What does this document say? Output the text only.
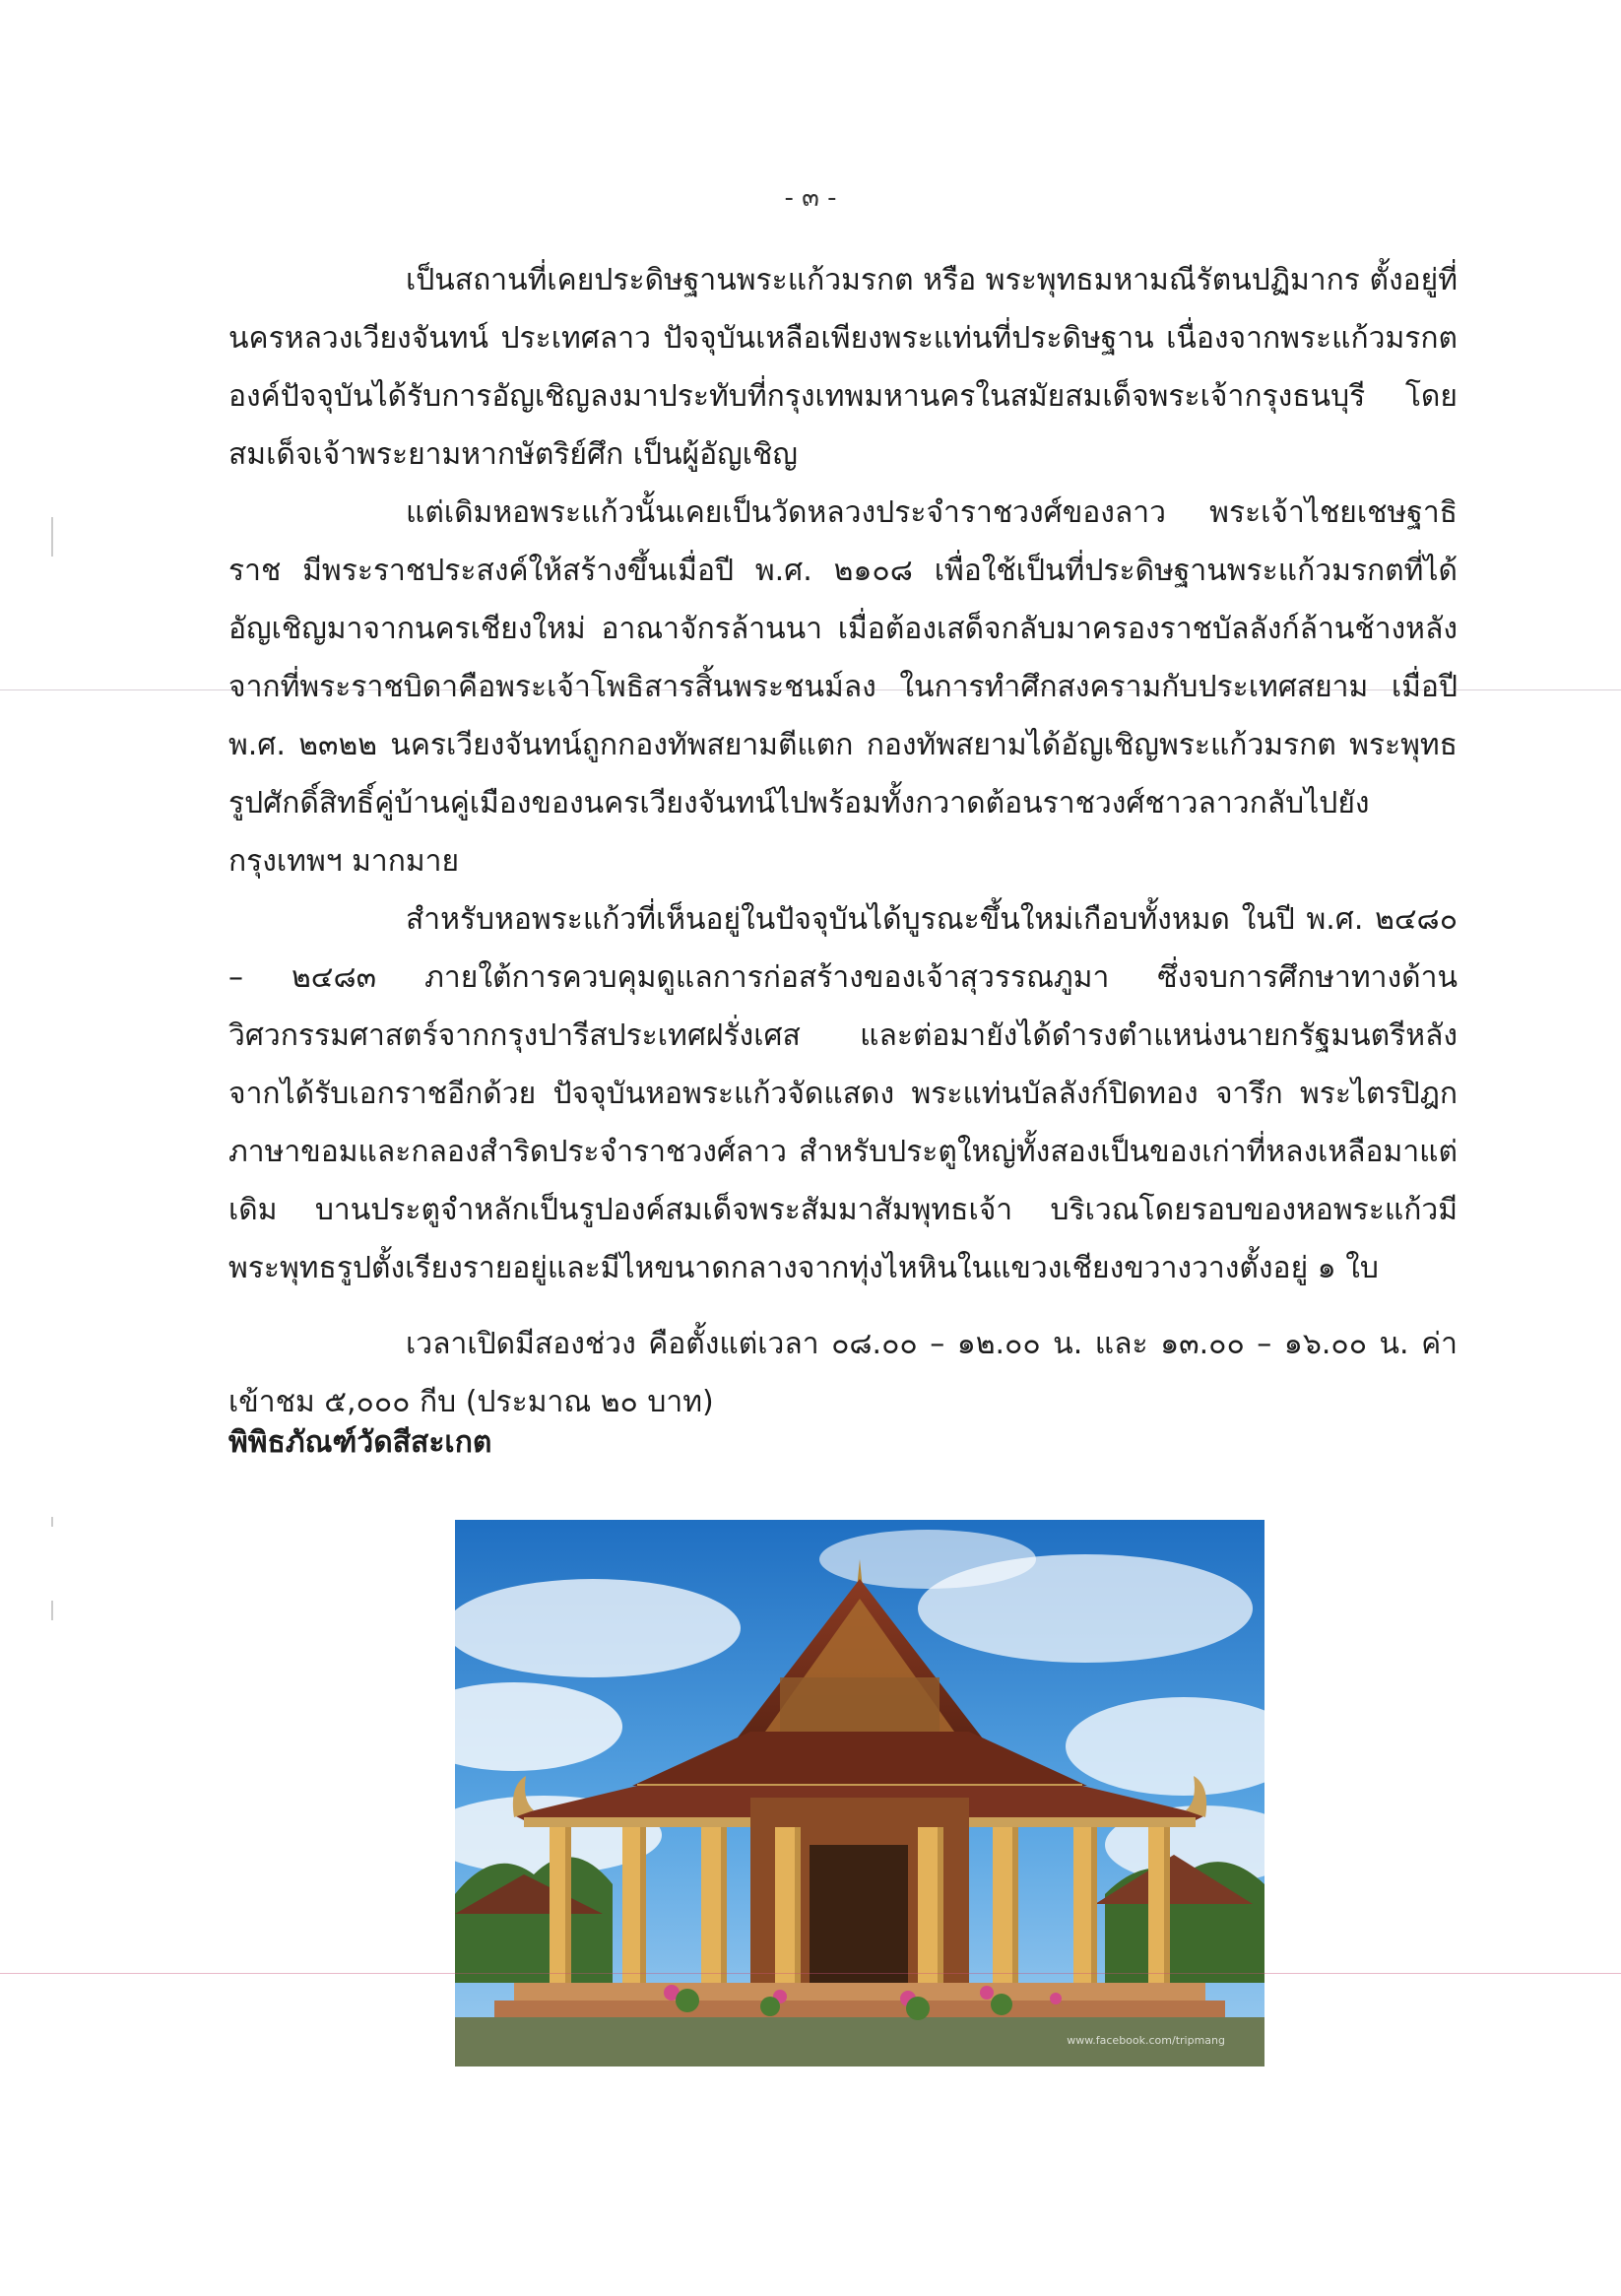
- ๓ -

เป็นสถานที่เคยประดิษฐานพระแก้วมรกต หรือ พระพุทธมหามณีรัตนปฏิมากร ตั้งอยู่ที่นครหลวงเวียงจันทน์ ประเทศลาว ปัจจุบันเหลือเพียงพระแท่นที่ประดิษฐาน เนื่องจากพระแก้วมรกตองค์ปัจจุบันได้รับการอัญเชิญลงมาประทับที่กรุงเทพมหานครในสมัยสมเด็จพระเจ้ากรุงธนบุรี โดยสมเด็จเจ้าพระยามหากษัตริย์ศึก เป็นผู้อัญเชิญ

แต่เดิมหอพระแก้วนั้นเคยเป็นวัดหลวงประจำราชวงศ์ของลาว พระเจ้าไชยเชษฐาธิราช มีพระราชประสงค์ให้สร้างขึ้นเมื่อปี พ.ศ. ๒๑๐๘ เพื่อใช้เป็นที่ประดิษฐานพระแก้วมรกตที่ได้อัญเชิญมาจากนครเชียงใหม่ อาณาจักรล้านนา เมื่อต้องเสด็จกลับมาครองราชบัลลังก์ล้านช้างหลังจากที่พระราชบิดาคือพระเจ้าโพธิสารสิ้นพระชนม์ลง ในการทำศึกสงครามกับประเทศสยาม เมื่อปี พ.ศ. ๒๓๒๒ นครเวียงจันทน์ถูกกองทัพสยามตีแตก กองทัพสยามได้อัญเชิญพระแก้วมรกต พระพุทธรูปศักดิ์สิทธิ์คู่บ้านคู่เมืองของนครเวียงจันทน์ไปพร้อมทั้งกวาดต้อนราชวงศ์ชาวลาวกลับไปยังกรุงเทพฯ มากมาย

สำหรับหอพระแก้วที่เห็นอยู่ในปัจจุบันได้บูรณะขึ้นใหม่เกือบทั้งหมด ในปี พ.ศ. ๒๔๘๐ – ๒๔๘๓ ภายใต้การควบคุมดูแลการก่อสร้างของเจ้าสุวรรณภูมา ซึ่งจบการศึกษาทางด้านวิศวกรรมศาสตร์จากกรุงปารีสประเทศฝรั่งเศส และต่อมายังได้ดำรงตำแหน่งนายกรัฐมนตรีหลังจากได้รับเอกราชอีกด้วย ปัจจุบันหอพระแก้วจัดแสดง พระแท่นบัลลังก์ปิดทอง จารึก พระไตรปิฎก ภาษาขอมและกลองสำริดประจำราชวงศ์ลาว สำหรับประตูใหญ่ทั้งสองเป็นของเก่าที่หลงเหลือมาแต่เดิม บานประตูจำหลักเป็นรูปองค์สมเด็จพระสัมมาสัมพุทธเจ้า บริเวณโดยรอบของหอพระแก้วมีพระพุทธรูปตั้งเรียงรายอยู่และมีไหขนาดกลางจากทุ่งไหหินในแขวงเชียงขวางวางตั้งอยู่ ๑ ใบ

เวลาเปิดมีสองช่วง คือตั้งแต่เวลา ๐๘.๐๐ – ๑๒.๐๐ น. และ ๑๓.๐๐ – ๑๖.๐๐ น. ค่าเข้าชม ๕,๐๐๐ กีบ (ประมาณ ๒๐ บาท)

พิพิธภัณฑ์วัดสีสะเกต
www.facebook.com/tripmang
